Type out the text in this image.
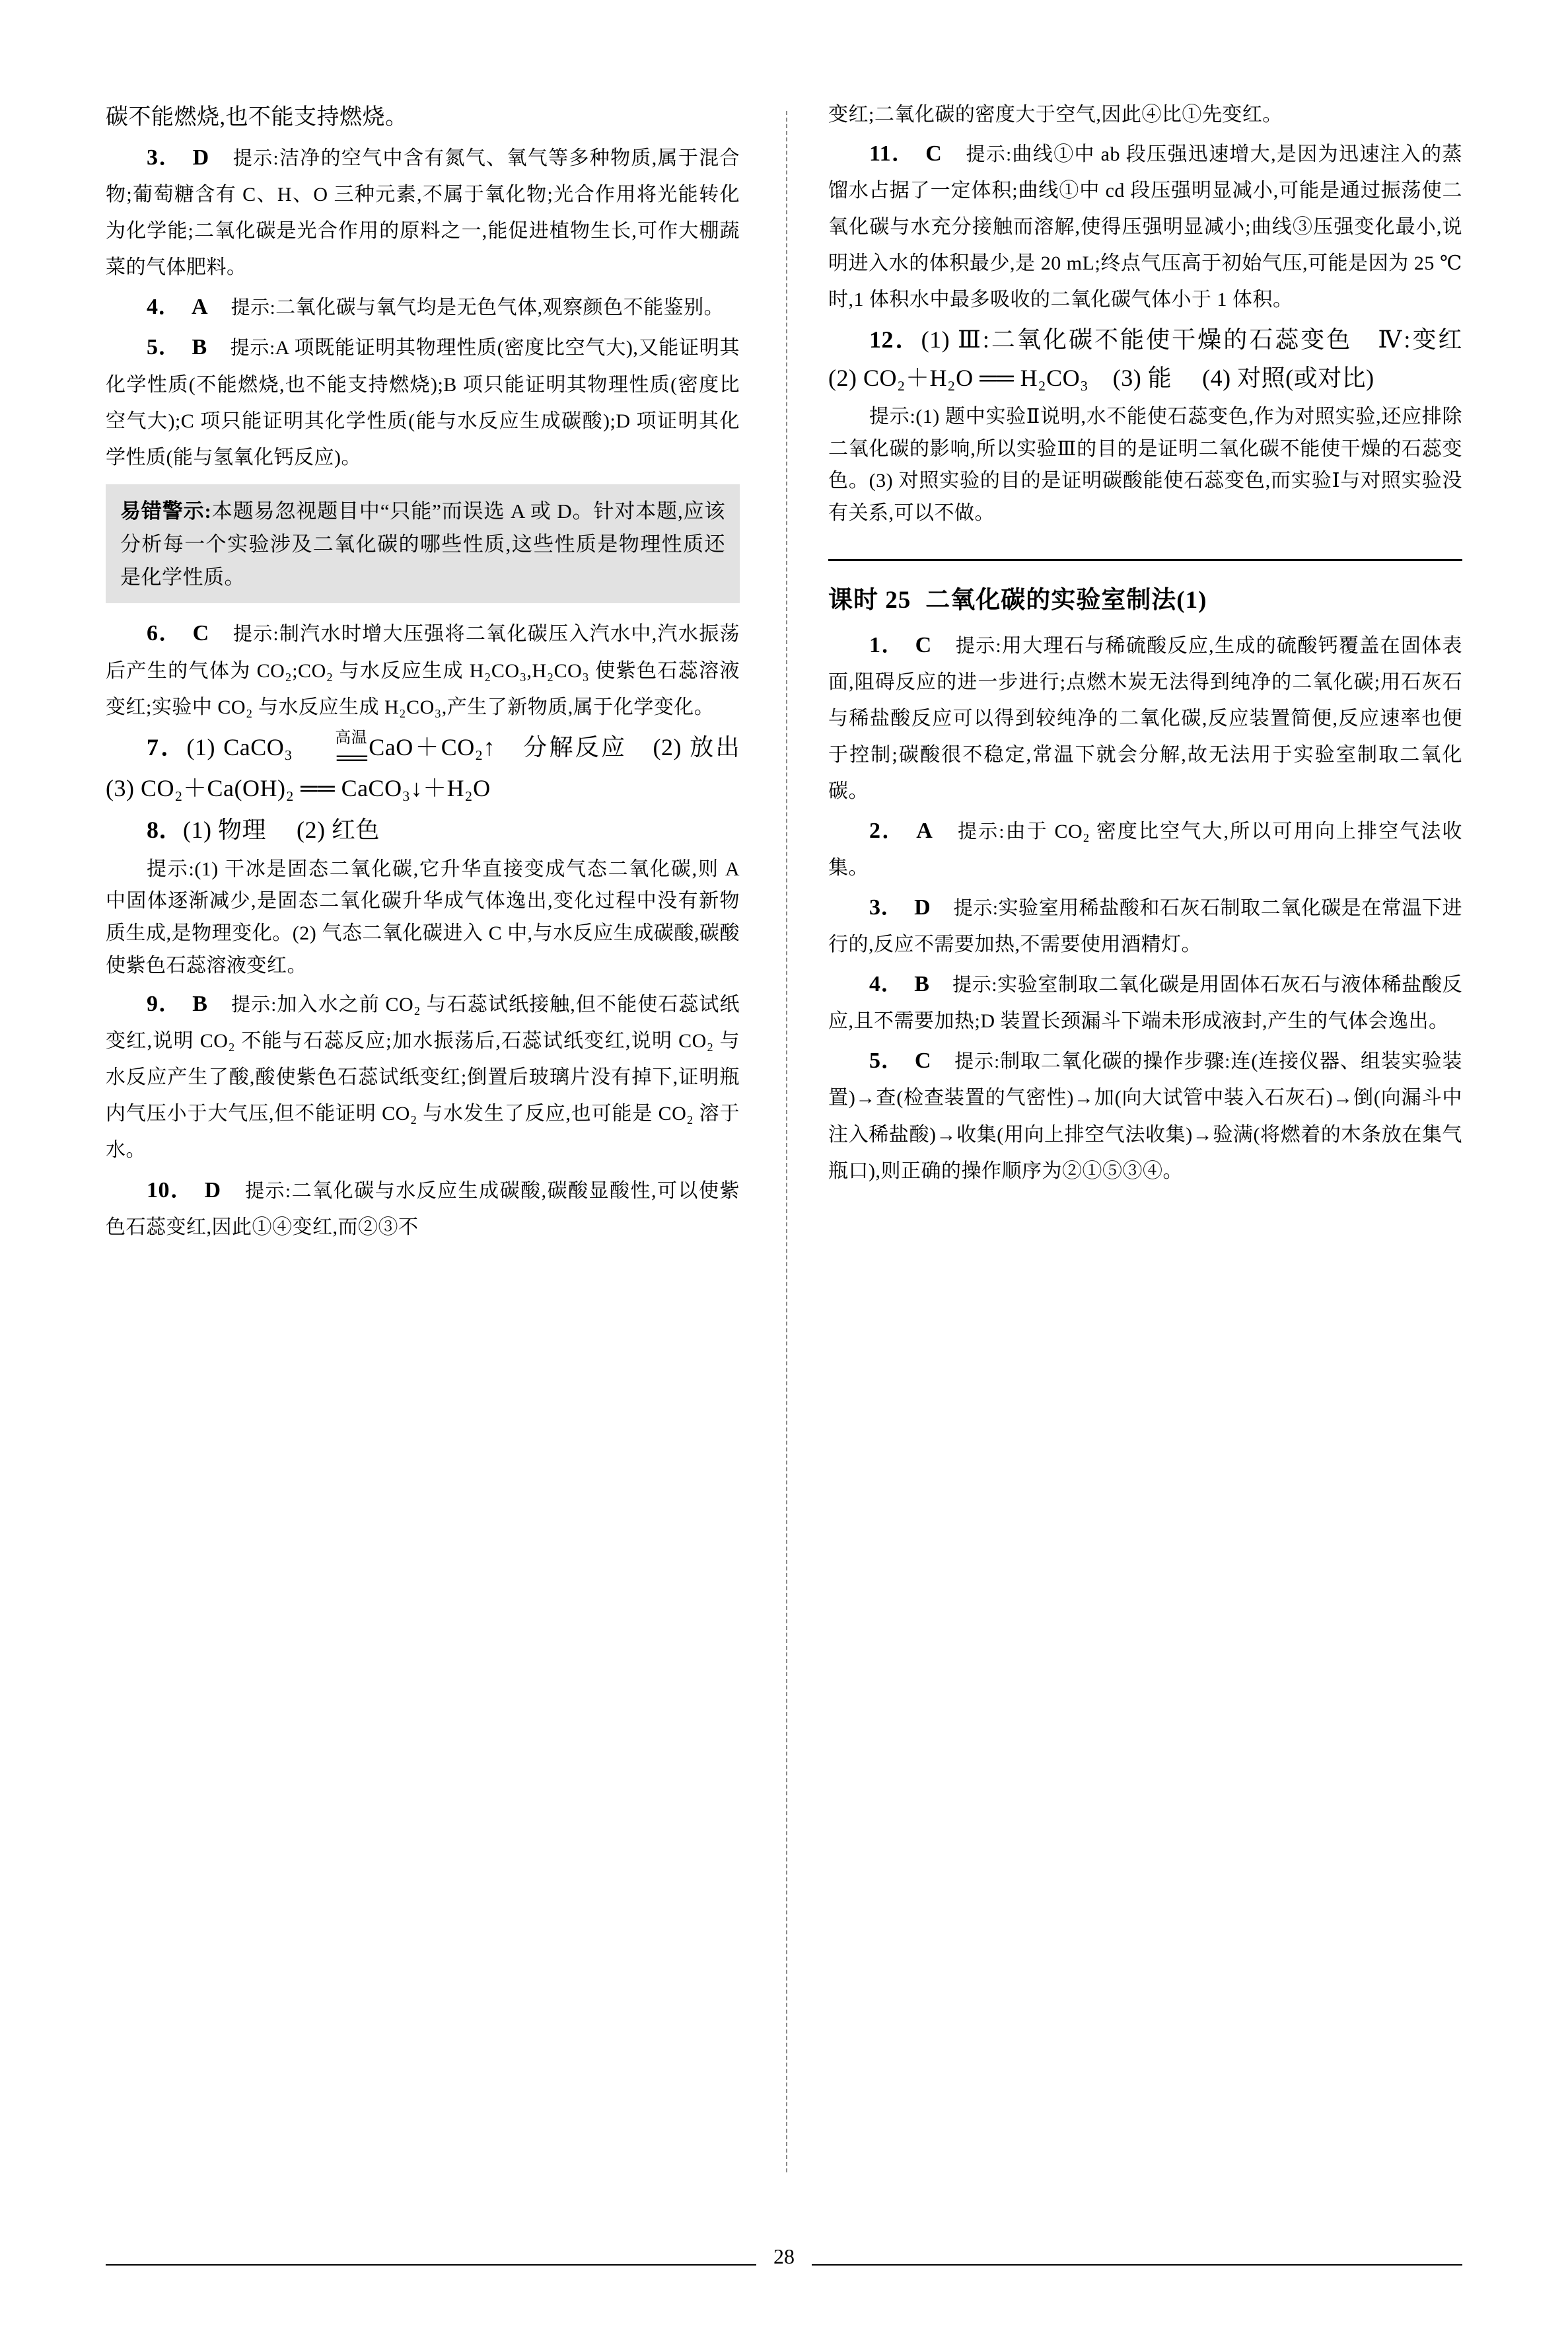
碳不能燃烧,也不能支持燃烧。

3． D　 提示:洁净的空气中含有氮气、氧气等多种物质,属于混合物;葡萄糖含有 C、H、O 三种元素,不属于氧化物;光合作用将光能转化为化学能;二氧化碳是光合作用的原料之一,能促进植物生长,可作大棚蔬菜的气体肥料。

4． A　 提示:二氧化碳与氧气均是无色气体,观察颜色不能鉴别。

5． B　 提示:A 项既能证明其物理性质(密度比空气大),又能证明其化学性质(不能燃烧,也不能支持燃烧);B 项只能证明其物理性质(密度比空气大);C 项只能证明其化学性质(能与水反应生成碳酸);D 项证明其化学性质(能与氢氧化钙反应)。

易错警示:本题易忽视题目中“只能”而误选 A 或 D。针对本题,应该分析每一个实验涉及二氧化碳的哪些性质,这些性质是物理性质还是化学性质。

6． C　 提示:制汽水时增大压强将二氧化碳压入汽水中,汽水振荡后产生的气体为 CO₂;CO₂ 与水反应生成 H₂CO₃,H₂CO₃ 使紫色石蕊溶液变红;实验中 CO₂ 与水反应生成 H₂CO₃,产生了新物质,属于化学变化。

7．(1) CaCO₃	高温
══ CaO＋CO₂↑　 分解反应　 (2) 放出　(3) CO₂＋Ca(OH)₂ ══ CaCO₃↓＋H₂O

8．(1) 物理　 (2) 红色

提示:(1) 干冰是固态二氧化碳,它升华直接变成气态二氧化碳,则 A 中固体逐渐减少,是固态二氧化碳升华成气体逸出,变化过程中没有新物质生成,是物理变化。(2) 气态二氧化碳进入 C 中,与水反应生成碳酸,碳酸使紫色石蕊溶液变红。

9． B　 提示:加入水之前 CO₂ 与石蕊试纸接触,但不能使石蕊试纸变红,说明 CO₂ 不能与石蕊反应;加水振荡后,石蕊试纸变红,说明 CO₂ 与水反应产生了酸,酸使紫色石蕊试纸变红;倒置后玻璃片没有掉下,证明瓶内气压小于大气压,但不能证明 CO₂ 与水发生了反应,也可能是 CO₂ 溶于水。

10． D　 提示:二氧化碳与水反应生成碳酸,碳酸显酸性,可以使紫色石蕊变红,因此①④变红,而②③不

变红;二氧化碳的密度大于空气,因此④比①先变红。

11． C　 提示:曲线①中 ab 段压强迅速增大,是因为迅速注入的蒸馏水占据了一定体积;曲线①中 cd 段压强明显减小,可能是通过振荡使二氧化碳与水充分接触而溶解,使得压强明显减小;曲线③压强变化最小,说明进入水的体积最少,是 20 mL;终点气压高于初始气压,可能是因为 25 ℃时,1 体积水中最多吸收的二氧化碳气体小于 1 体积。

12．(1) Ⅲ:二氧化碳不能使干燥的石蕊变色　Ⅳ:变红　 (2) CO₂＋H₂O ══ H₂CO₃　(3) 能　 (4) 对照(或对比)

提示:(1) 题中实验Ⅱ说明,水不能使石蕊变色,作为对照实验,还应排除二氧化碳的影响,所以实验Ⅲ的目的是证明二氧化碳不能使干燥的石蕊变色。(3) 对照实验的目的是证明碳酸能使石蕊变色,而实验Ⅰ与对照实验没有关系,可以不做。

课时 25 二氧化碳的实验室制法(1)

1． C　 提示:用大理石与稀硫酸反应,生成的硫酸钙覆盖在固体表面,阻碍反应的进一步进行;点燃木炭无法得到纯净的二氧化碳;用石灰石与稀盐酸反应可以得到较纯净的二氧化碳,反应装置简便,反应速率也便于控制;碳酸很不稳定,常温下就会分解,故无法用于实验室制取二氧化碳。

2． A　 提示:由于 CO₂ 密度比空气大,所以可用向上排空气法收集。

3． D　 提示:实验室用稀盐酸和石灰石制取二氧化碳是在常温下进行的,反应不需要加热,不需要使用酒精灯。

4． B　 提示:实验室制取二氧化碳是用固体石灰石与液体稀盐酸反应,且不需要加热;D 装置长颈漏斗下端未形成液封,产生的气体会逸出。

5． C　 提示:制取二氧化碳的操作步骤:连(连接仪器、组装实验装置)→查(检查装置的气密性)→加(向大试管中装入石灰石)→倒(向漏斗中注入稀盐酸)→收集(用向上排空气法收集)→验满(将燃着的木条放在集气瓶口),则正确的操作顺序为②①⑤③④。

28
